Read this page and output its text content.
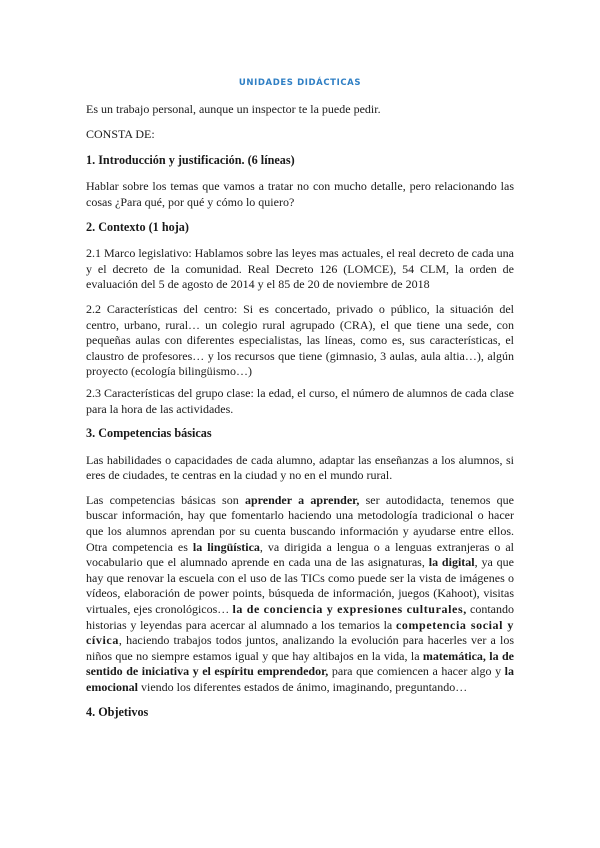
UNIDADES DIDÁCTICAS

Es un trabajo personal, aunque un inspector te la puede pedir.

CONSTA DE:

1. Introducción y justificación. (6 líneas)

Hablar sobre los temas que vamos a tratar no con mucho detalle, pero relacionando las cosas ¿Para qué, por qué y cómo lo quiero?

2. Contexto (1 hoja)

2.1 Marco legislativo: Hablamos sobre las leyes mas actuales, el real decreto de cada una y el decreto de la comunidad. Real Decreto 126 (LOMCE), 54 CLM, la orden de evaluación del 5 de agosto de 2014 y el 85 de 20 de noviembre de 2018

2.2 Características del centro: Si es concertado, privado o público, la situación del centro, urbano, rural… un colegio rural agrupado (CRA), el que tiene una sede, con pequeñas aulas con diferentes especialistas, las líneas, como es, sus características, el claustro de profesores… y los recursos que tiene (gimnasio, 3 aulas, aula altia…), algún proyecto (ecología bilingüismo…)

2.3 Características del grupo clase: la edad, el curso, el número de alumnos de cada clase para la hora de las actividades.

3. Competencias básicas

Las habilidades o capacidades de cada alumno, adaptar las enseñanzas a los alumnos, si eres de ciudades, te centras en la ciudad y no en el mundo rural.

Las competencias básicas son aprender a aprender, ser autodidacta, tenemos que buscar información, hay que fomentarlo haciendo una metodología tradicional o hacer que los alumnos aprendan por su cuenta buscando información y ayudarse entre ellos. Otra competencia es la lingüística, va dirigida a lengua o a lenguas extranjeras o al vocabulario que el alumnado aprende en cada una de las asignaturas, la digital, ya que hay que renovar la escuela con el uso de las TICs como puede ser la vista de imágenes o vídeos, elaboración de power points, búsqueda de información, juegos (Kahoot), visitas virtuales, ejes cronológicos… la de conciencia y expresiones culturales, contando historias y leyendas para acercar al alumnado a los temarios la competencia social y cívica, haciendo trabajos todos juntos, analizando la evolución para hacerles ver a los niños que no siempre estamos igual y que hay altibajos en la vida, la matemática, la de sentido de iniciativa y el espíritu emprendedor, para que comiencen a hacer algo y la emocional viendo los diferentes estados de ánimo, imaginando, preguntando…

4. Objetivos
